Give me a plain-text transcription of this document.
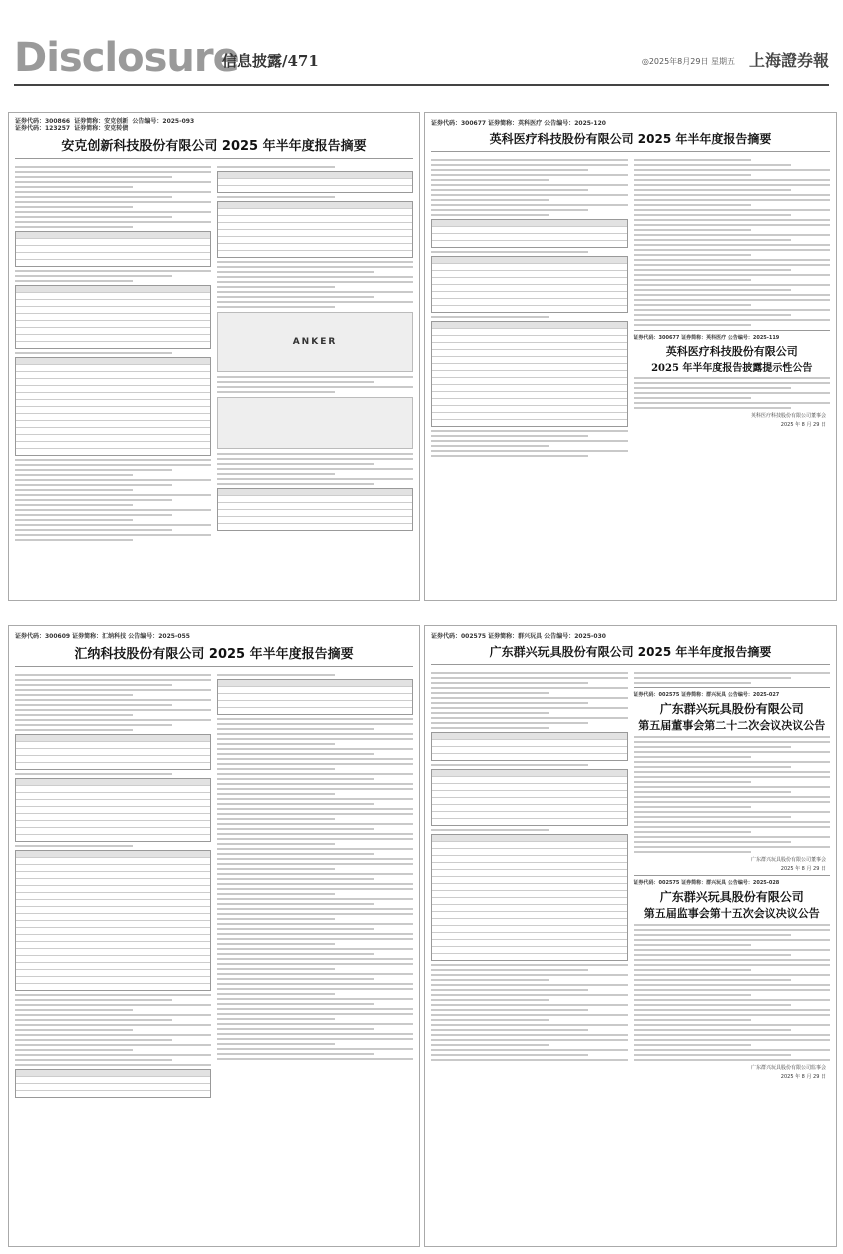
Disclosure
信息披露/471	◎2025年8月29日 星期五 上海證券報
证券代码：300866  证券简称：安克创新  公告编号：2025-093
证券代码：123257  证券简称：安克转债
安克创新科技股份有限公司 2025 年半年度报告摘要
ANKER
证券代码：300677 证券简称：英科医疗 公告编号：2025-120
英科医疗科技股份有限公司 2025 年半年度报告摘要
证券代码：300677 证券简称：英科医疗 公告编号：2025-119
英科医疗科技股份有限公司
2025 年半年度报告披露提示性公告
英科医疗科技股份有限公司董事会
2025 年 8 月 29 日
证券代码：300609 证券简称：汇纳科技 公告编号：2025-055
汇纳科技股份有限公司 2025 年半年度报告摘要
证券代码：002575 证券简称：群兴玩具 公告编号：2025-030
广东群兴玩具股份有限公司 2025 年半年度报告摘要
证券代码：002575 证券简称：群兴玩具 公告编号：2025-027
广东群兴玩具股份有限公司
第五届董事会第二十二次会议决议公告
广东群兴玩具股份有限公司董事会
2025 年 8 月 29 日
证券代码：002575 证券简称：群兴玩具 公告编号：2025-028
广东群兴玩具股份有限公司
第五届监事会第十五次会议决议公告
广东群兴玩具股份有限公司监事会
2025 年 8 月 29 日
